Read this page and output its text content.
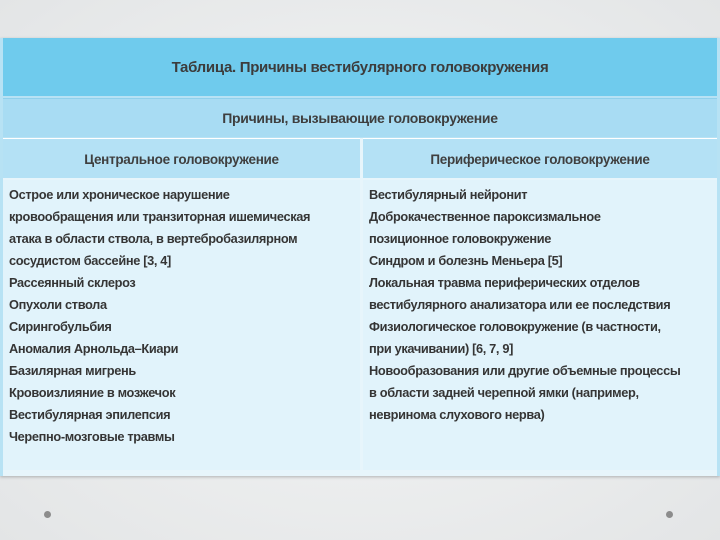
Таблица. Причины вестибулярного головокружения
Причины, вызывающие головокружение
Центральное головокружение	Периферическое головокружение
Острое или хроническое нарушение
кровообращения или транзиторная ишемическая
атака в области ствола, в вертебробазилярном
сосудистом бассейне [3, 4]
Рассеянный склероз
Опухоли ствола
Сирингобульбия
Аномалия Арнольда–Киари
Базилярная мигрень
Кровоизлияние в мозжечок
Вестибулярная эпилепсия
Черепно-мозговые травмы
Вестибулярный нейронит
Доброкачественное пароксизмальное
позиционное головокружение
Синдром и болезнь Меньера [5]
Локальная травма периферических отделов
вестибулярного анализатора или ее последствия
Физиологическое головокружение (в частности,
при укачивании) [6, 7, 9]
Новообразования или другие объемные процессы
в области задней черепной ямки (например,
невринома слухового нерва)
